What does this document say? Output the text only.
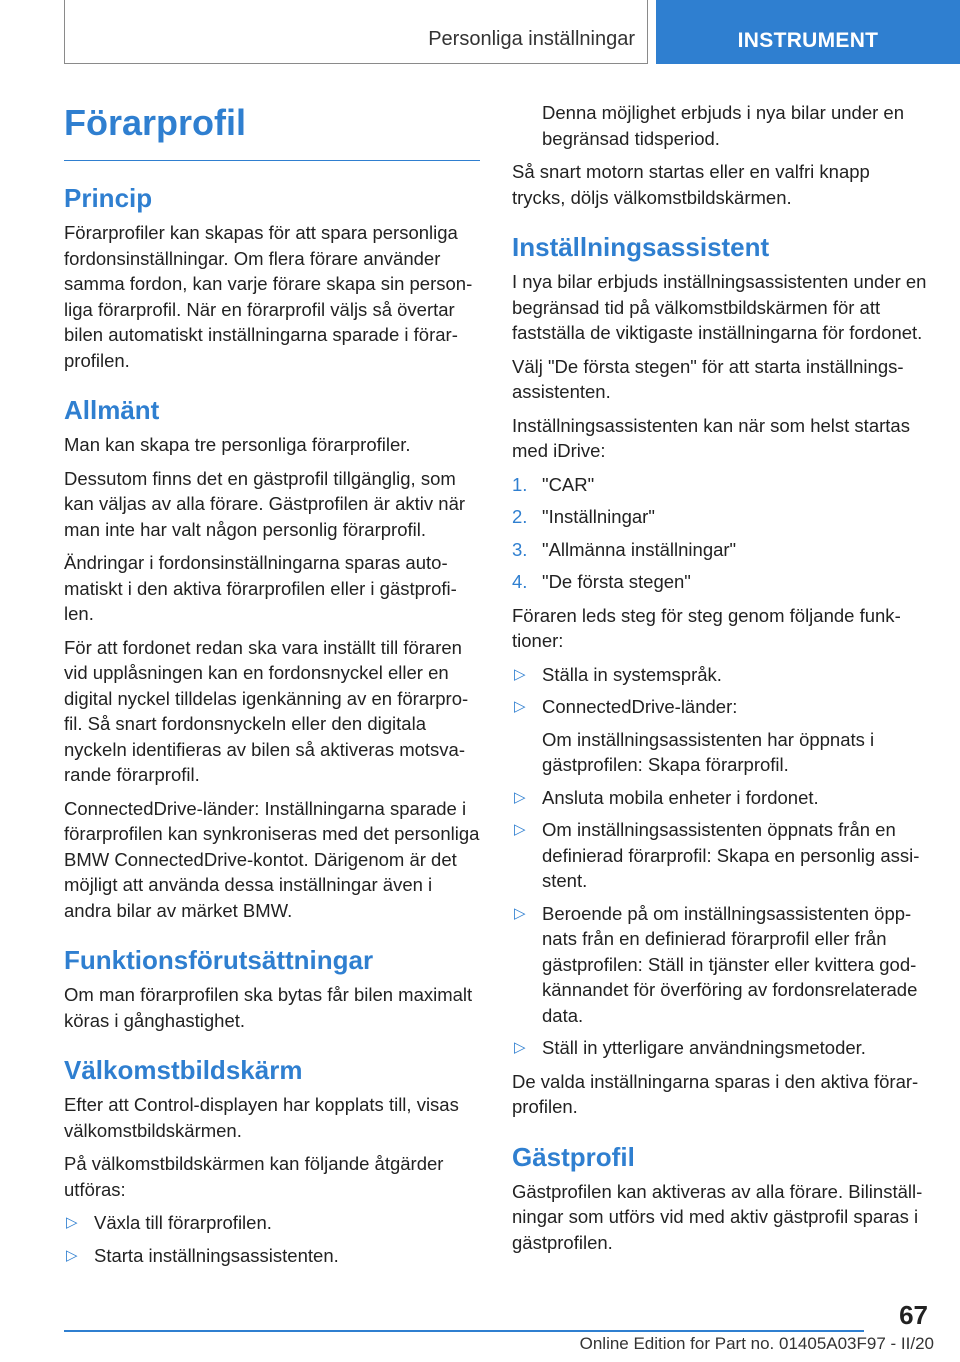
Personliga inställningar	INSTRUMENT
Förarprofil
Princip

Förarprofiler kan skapas för att spara personliga fordonsinställningar. Om flera förare använder samma fordon, kan varje förare skapa sin personliga förarprofil. När en förarprofil väljs så övertar bilen automatiskt inställningarna sparade i förarprofilen.

Allmänt

Man kan skapa tre personliga förarprofiler.

Dessutom finns det en gästprofil tillgänglig, som kan väljas av alla förare. Gästprofilen är aktiv när man inte har valt någon personlig förarprofil.

Ändringar i fordonsinställningarna sparas automatiskt i den aktiva förarprofilen eller i gästprofilen.

För att fordonet redan ska vara inställt till föraren vid upplåsningen kan en fordonsnyckel eller en digital nyckel tilldelas igenkänning av en förarprofil. Så snart fordonsnyckeln eller den digitala nyckeln identifieras av bilen så aktiveras motsvarande förarprofil.

ConnectedDrive-länder: Inställningarna sparade i förarprofilen kan synkroniseras med det personliga BMW ConnectedDrive-kontot. Därigenom är det möjligt att använda dessa inställningar även i andra bilar av märket BMW.

Funktionsförutsättningar

Om man förarprofilen ska bytas får bilen maximalt köras i gånghastighet.

Välkomstbildskärm

Efter att Control-displayen har kopplats till, visas välkomstbildskärmen.

På välkomstbildskärmen kan följande åtgärder utföras:

▷ Växla till förarprofilen.
▷ Starta inställningsassistenten.

Denna möjlighet erbjuds i nya bilar under en begränsad tidsperiod.

Så snart motorn startas eller en valfri knapp trycks, döljs välkomstbildskärmen.

Inställningsassistent

I nya bilar erbjuds inställningsassistenten under en begränsad tid på välkomstbildskärmen för att fastställa de viktigaste inställningarna för fordonet.

Välj "De första stegen" för att starta inställningsassistenten.

Inställningsassistenten kan när som helst startas med iDrive:

1. "CAR"
2. "Inställningar"
3. "Allmänna inställningar"
4. "De första stegen"

Föraren leds steg för steg genom följande funktioner:

▷ Ställa in systemspråk.
▷ ConnectedDrive-länder:
Om inställningsassistenten har öppnats i gästprofilen: Skapa förarprofil.
▷ Ansluta mobila enheter i fordonet.
▷ Om inställningsassistenten öppnats från en definierad förarprofil: Skapa en personlig assistent.
▷ Beroende på om inställningsassistenten öppnats från en definierad förarprofil eller från gästprofilen: Ställ in tjänster eller kvittera godkännandet för överföring av fordonsrelaterade data.
▷ Ställ in ytterligare användningsmetoder.

De valda inställningarna sparas i den aktiva förarprofilen.

Gästprofil

Gästprofilen kan aktiveras av alla förare. Bilinställningar som utförs vid med aktiv gästprofil sparas i gästprofilen.

67
Online Edition for Part no. 01405A03F97 - II/20
